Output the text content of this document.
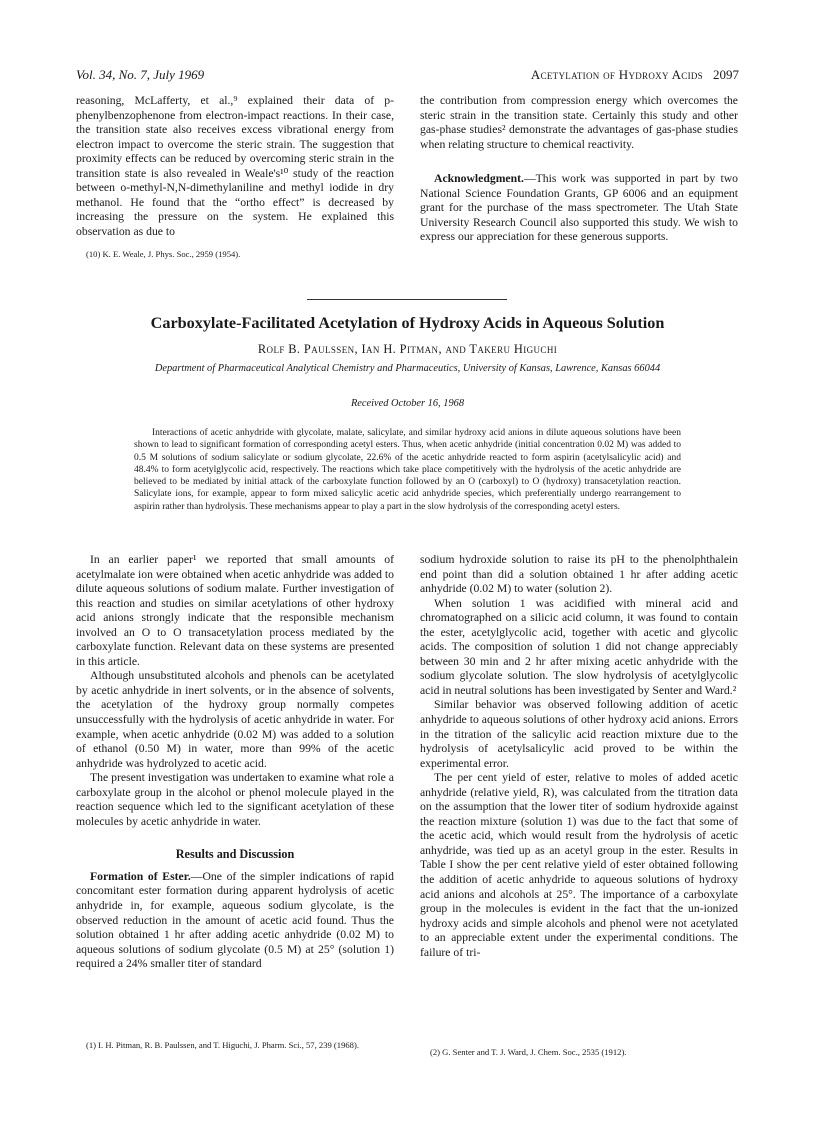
Vol. 34, No. 7, July 1969	Acetylation of Hydroxy Acids 2097

reasoning, McLafferty, et al.,⁹ explained their data of p-phenylbenzophenone from electron-impact reactions. In their case, the transition state also receives excess vibrational energy from electron impact to overcome the steric strain. The suggestion that proximity effects can be reduced by overcoming steric strain in the transition state is also revealed in Weale's¹⁰ study of the reaction between o-methyl-N,N-dimethylaniline and methyl iodide in dry methanol. He found that the “ortho effect” is decreased by increasing the pressure on the system. He explained this observation as due to

(10) K. E. Weale, J. Phys. Soc., 2959 (1954).

the contribution from compression energy which overcomes the steric strain in the transition state. Certainly this study and other gas-phase studies² demonstrate the advantages of gas-phase studies when relating structure to chemical reactivity.

Acknowledgment.—This work was supported in part by two National Science Foundation Grants, GP 6006 and an equipment grant for the purchase of the mass spectrometer. The Utah State University Research Council also supported this study. We wish to express our appreciation for these generous supports.

Carboxylate-Facilitated Acetylation of Hydroxy Acids in Aqueous Solution
Rolf B. Paulssen, Ian H. Pitman, and Takeru Higuchi
Department of Pharmaceutical Analytical Chemistry and Pharmaceutics, University of Kansas, Lawrence, Kansas 66044
Received October 16, 1968

Interactions of acetic anhydride with glycolate, malate, salicylate, and similar hydroxy acid anions in dilute aqueous solutions have been shown to lead to significant formation of corresponding acetyl esters. Thus, when acetic anhydride (initial concentration 0.02 M) was added to 0.5 M solutions of sodium salicylate or sodium glycolate, 22.6% of the acetic anhydride reacted to form aspirin (acetylsalicylic acid) and 48.4% to form acetylglycolic acid, respectively. The reactions which take place competitively with the hydrolysis of the acetic anhydride are believed to be mediated by initial attack of the carboxylate function followed by an O (carboxyl) to O (hydroxy) transacetylation reaction. Salicylate ions, for example, appear to form mixed salicylic acetic acid anhydride species, which preferentially undergo rearrangement to aspirin rather than hydrolysis. These mechanisms appear to play a part in the slow hydrolysis of the corresponding acetyl esters.

In an earlier paper¹ we reported that small amounts of acetylmalate ion were obtained when acetic anhydride was added to dilute aqueous solutions of sodium malate. Further investigation of this reaction and studies on similar acetylations of other hydroxy acid anions strongly indicate that the responsible mechanism involved an O to O transacetylation process mediated by the carboxylate function. Relevant data on these systems are presented in this article.

Although unsubstituted alcohols and phenols can be acetylated by acetic anhydride in inert solvents, or in the absence of solvents, the acetylation of the hydroxy group normally competes unsuccessfully with the hydrolysis of acetic anhydride in water. For example, when acetic anhydride (0.02 M) was added to a solution of ethanol (0.50 M) in water, more than 99% of the acetic anhydride was hydrolyzed to acetic acid.

The present investigation was undertaken to examine what role a carboxylate group in the alcohol or phenol molecule played in the reaction sequence which led to the significant acetylation of these molecules by acetic anhydride in water.

Results and Discussion

Formation of Ester.—One of the simpler indications of rapid concomitant ester formation during apparent hydrolysis of acetic anhydride in, for example, aqueous sodium glycolate, is the observed reduction in the amount of acetic acid found. Thus the solution obtained 1 hr after adding acetic anhydride (0.02 M) to aqueous solutions of sodium glycolate (0.5 M) at 25° (solution 1) required a 24% smaller titer of standard

sodium hydroxide solution to raise its pH to the phenolphthalein end point than did a solution obtained 1 hr after adding acetic anhydride (0.02 M) to water (solution 2).

When solution 1 was acidified with mineral acid and chromatographed on a silicic acid column, it was found to contain the ester, acetylglycolic acid, together with acetic and glycolic acids. The composition of solution 1 did not change appreciably between 30 min and 2 hr after mixing acetic anhydride with the sodium glycolate solution. The slow hydrolysis of acetylglycolic acid in neutral solutions has been investigated by Senter and Ward.²

Similar behavior was observed following addition of acetic anhydride to aqueous solutions of other hydroxy acid anions. Errors in the titration of the salicylic acid reaction mixture due to the hydrolysis of acetylsalicylic acid proved to be within the experimental error.

The per cent yield of ester, relative to moles of added acetic anhydride (relative yield, R), was calculated from the titration data on the assumption that the lower titer of sodium hydroxide against the reaction mixture (solution 1) was due to the fact that some of the acetic acid, which would result from the hydrolysis of acetic anhydride, was tied up as an acetyl group in the ester. Results in Table I show the per cent relative yield of ester obtained following the addition of acetic anhydride to aqueous solutions of hydroxy acid anions and alcohols at 25°. The importance of a carboxylate group in the molecules is evident in the fact that the un-ionized hydroxy acids and simple alcohols and phenol were not acetylated to an appreciable extent under the experimental conditions. The failure of tri-

(1) I. H. Pitman, R. B. Paulssen, and T. Higuchi, J. Pharm. Sci., 57, 239 (1968).

(2) G. Senter and T. J. Ward, J. Chem. Soc., 2535 (1912).
